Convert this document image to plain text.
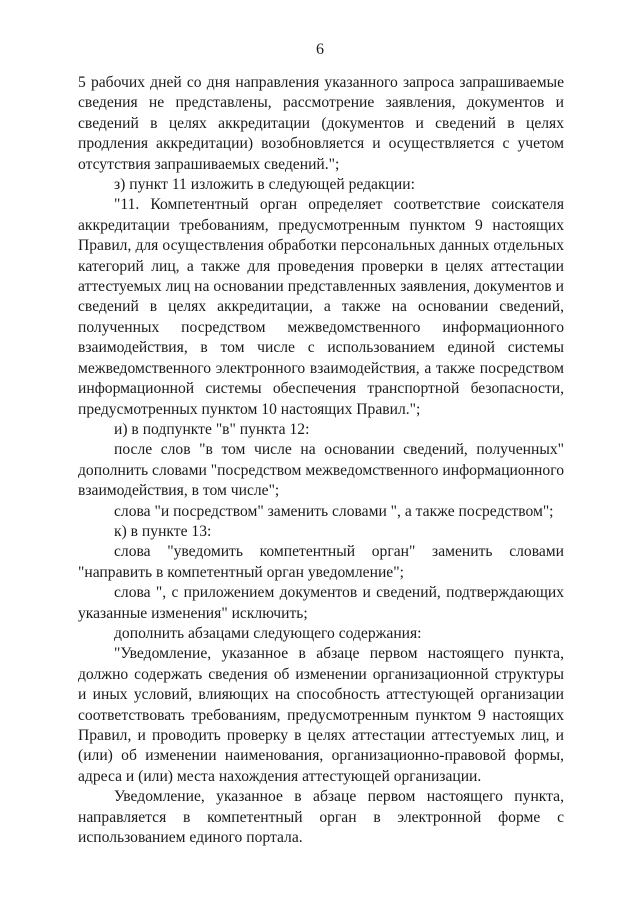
6

5 рабочих дней со дня направления указанного запроса запрашиваемые сведения не представлены, рассмотрение заявления, документов и сведений в целях аккредитации (документов и сведений в целях продления аккредитации) возобновляется и осуществляется с учетом отсутствия запрашиваемых сведений.";

з) пункт 11 изложить в следующей редакции:

"11. Компетентный орган определяет соответствие соискателя аккредитации требованиям, предусмотренным пунктом 9 настоящих Правил, для осуществления обработки персональных данных отдельных категорий лиц, а также для проведения проверки в целях аттестации аттестуемых лиц на основании представленных заявления, документов и сведений в целях аккредитации, а также на основании сведений, полученных посредством межведомственного информационного взаимодействия, в том числе с использованием единой системы межведомственного электронного взаимодействия, а также посредством информационной системы обеспечения транспортной безопасности, предусмотренных пунктом 10 настоящих Правил.";

и) в подпункте "в" пункта 12:

после слов "в том числе на основании сведений, полученных" дополнить словами "посредством межведомственного информационного взаимодействия, в том числе";

слова "и посредством" заменить словами ", а также посредством";

к) в пункте 13:

слова "уведомить компетентный орган" заменить словами "направить в компетентный орган уведомление";

слова ", с приложением документов и сведений, подтверждающих указанные изменения" исключить;

дополнить абзацами следующего содержания:

"Уведомление, указанное в абзаце первом настоящего пункта, должно содержать сведения об изменении организационной структуры и иных условий, влияющих на способность аттестующей организации соответствовать требованиям, предусмотренным пунктом 9 настоящих Правил, и проводить проверку в целях аттестации аттестуемых лиц, и (или) об изменении наименования, организационно-правовой формы, адреса и (или) места нахождения аттестующей организации.

Уведомление, указанное в абзаце первом настоящего пункта, направляется в компетентный орган в электронной форме с использованием единого портала.
